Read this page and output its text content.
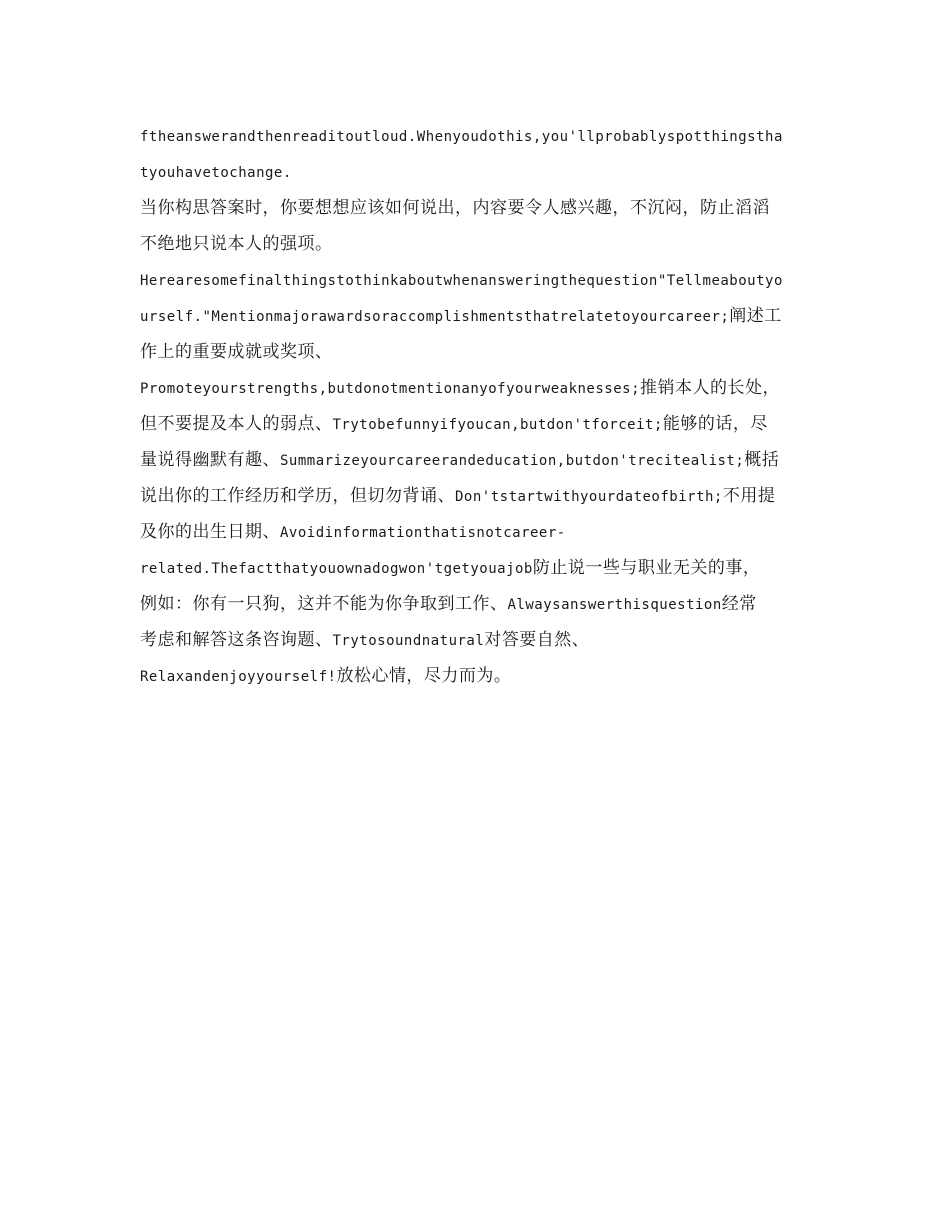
ftheanswerandthenreaditoutloud.Whenyoudothis,you'llprobablyspotthingstha
tyouhavetochange.
当你构思答案时，你要想想应该如何说出，内容要令人感兴趣，不沉闷，防止滔滔
不绝地只说本人的强项。
Herearesomefinalthingstothinkaboutwhenansweringthequestion"Tellmeaboutyo
urself."Mentionmajorawardsoraccomplishmentsthatrelatetoyourcareer;阐述工
作上的重要成就或奖项、
Promoteyourstrengths,butdonotmentionanyofyourweaknesses;推销本人的长处，
但不要提及本人的弱点、Trytobefunnyifyoucan,butdon'tforceit;能够的话，尽
量说得幽默有趣、Summarizeyourcareerandeducation,butdon'trecitealist;概括
说出你的工作经历和学历，但切勿背诵、Don'tstartwithyourdateofbirth;不用提
及你的出生日期、Avoidinformationthatisnotcareer-
related.Thefactthatyouownadogwon'tgetyouajob防止说一些与职业无关的事，
例如：你有一只狗，这并不能为你争取到工作、Alwaysanswerthisquestion经常
考虑和解答这条咨询题、Trytosoundnatural对答要自然、
Relaxandenjoyyourself!放松心情，尽力而为。
